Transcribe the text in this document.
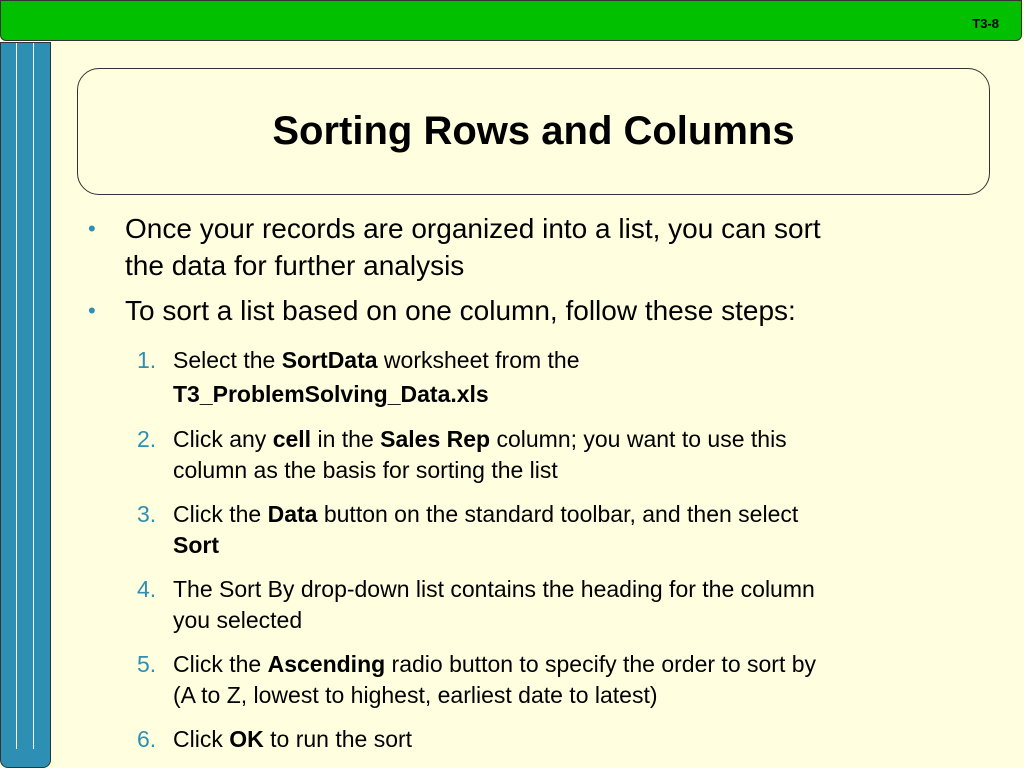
T3-8
Sorting Rows and Columns
• Once your records are organized into a list, you can sort
the data for further analysis
• To sort a list based on one column, follow these steps:
1. Select the SortData worksheet from the
T3_ProblemSolving_Data.xls
2. Click any cell in the Sales Rep column; you want to use this
column as the basis for sorting the list
3. Click the Data button on the standard toolbar, and then select
Sort
4. The Sort By drop-down list contains the heading for the column
you selected
5. Click the Ascending radio button to specify the order to sort by
(A to Z, lowest to highest, earliest date to latest)
6. Click OK to run the sort
